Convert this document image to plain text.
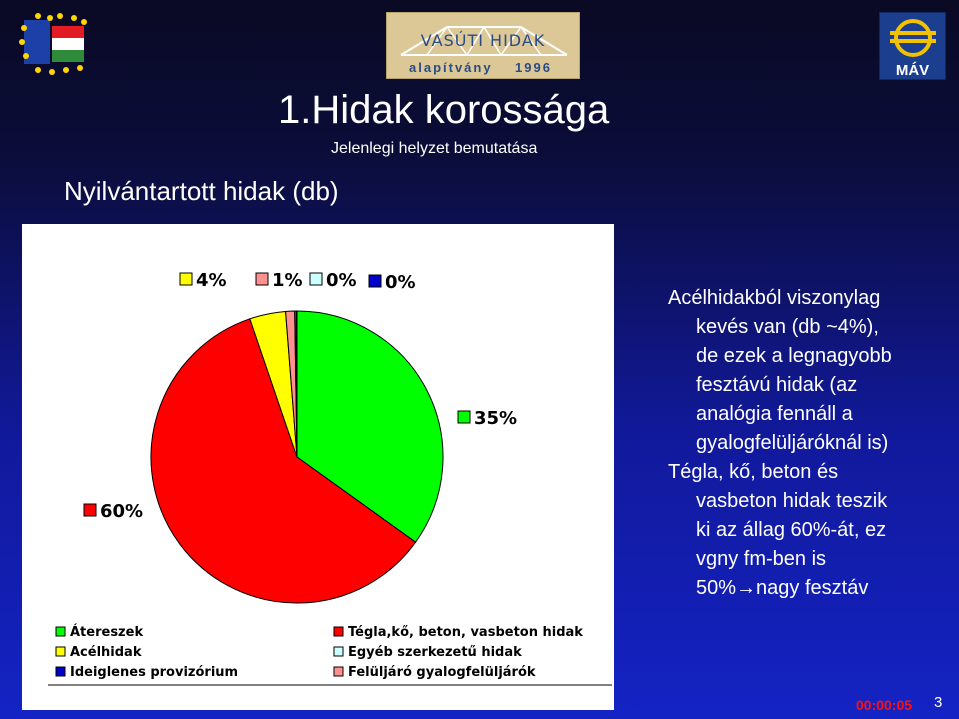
VASÚTI HIDAK
alapítvány 1996	MÁV
1.Hidak korossága
Jelenlegi helyzet bemutatása
Nyilvántartott hidak (db)
35%
60%
4%	1% 0% 0%
Átereszek	Tégla,kő, beton, vasbeton hidak
Acélhidak	Egyéb szerkezetű hidak
Ideiglenes provizórium	Felüljáró gyalogfelüljárók

Acélhidakból viszonylag

kevés van (db ~4%),

de ezek a legnagyobb

fesztávú hidak (az

analógia fennáll a

gyalogfelüljáróknál is)

Tégla, kő, beton és

vasbeton hidak teszik

ki az állag 60%-át, ez

vgny fm-ben is

50%→nagy fesztáv

00:00:05 3
